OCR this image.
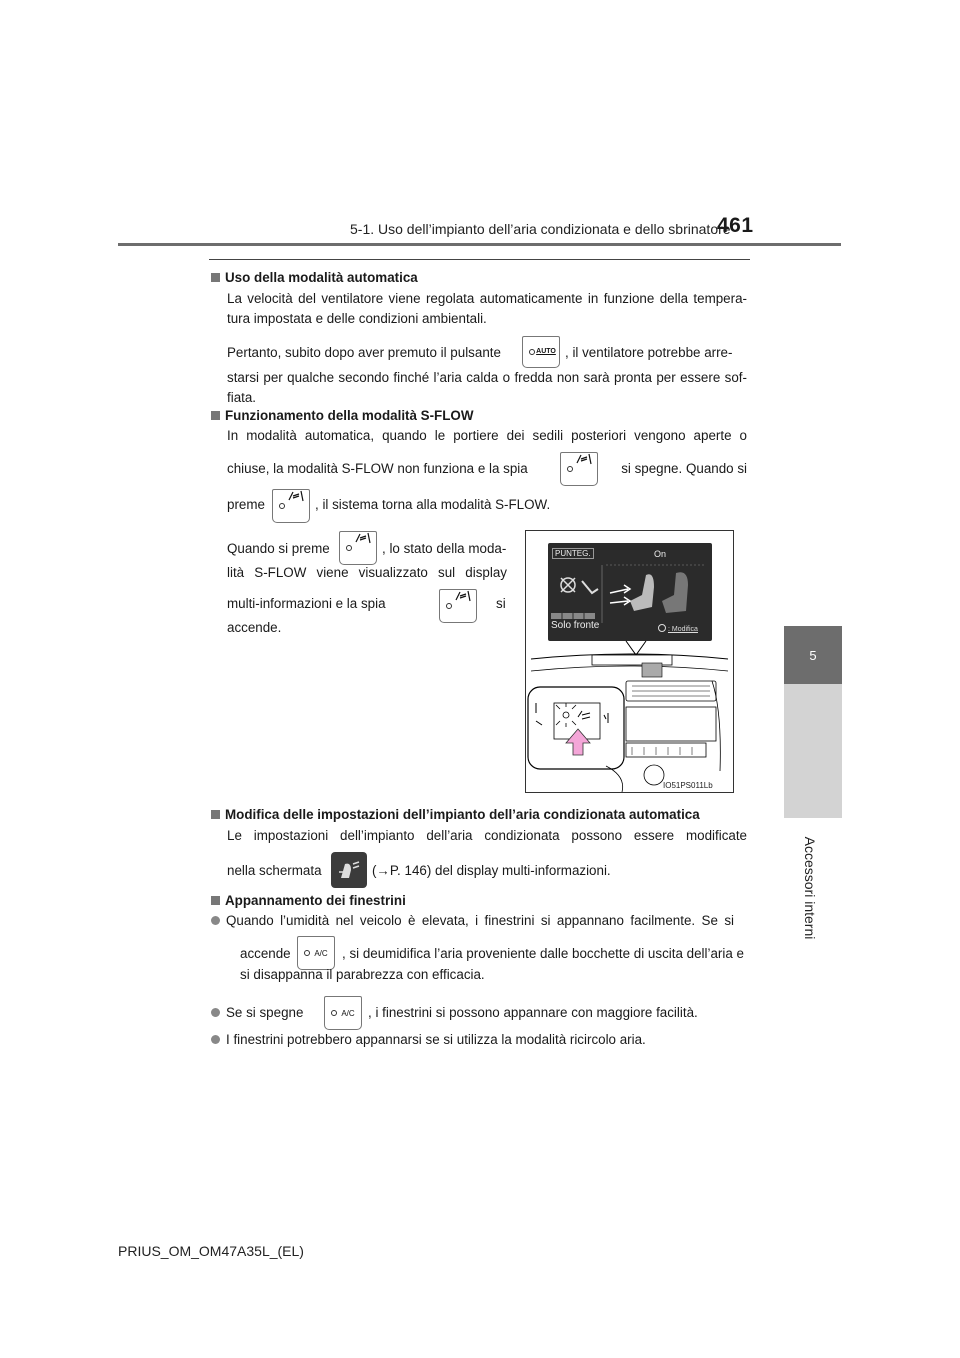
5-1. Uso dell’impianto dell’aria condizionata e dello sbrinatore
461
5
Accessori interni
Uso della modalità automatica
La velocità del ventilatore viene regolata automaticamente in funzione della tempera-tura impostata e delle condizioni ambientali.
Pertanto, subito dopo aver premuto il pulsante	AUTO , il ventilatore potrebbe arre-
starsi per qualche secondo finché l’aria calda o fredda non sarà pronta per essere sof-fiata.
Funzionamento della modalità S-FLOW
In modalità automatica, quando le portiere dei sedili posteriori vengono aperte o
chiuse, la modalità S-FLOW non funziona e la spia	si spegne. Quando si
preme	, il sistema torna alla modalità S-FLOW.
Quando si preme	, lo stato della moda-
lità S-FLOW viene visualizzato sul display
multi-informazioni e la spia	si
accende.
PUNTEG.	On
Solo fronte	: Modifica
IO51PS011Lb
Modifica delle impostazioni dell’impianto dell’aria condizionata automatica
Le impostazioni dell’impianto dell’aria condizionata possono essere modificate
nella schermata	(→P. 146) del display multi-informazioni.
Appannamento dei finestrini
Quando l’umidità nel veicolo è elevata, i finestrini si appannano facilmente. Se si
accende	A/C , si deumidifica l’aria proveniente dalle bocchette di uscita dell’aria e
si disappanna il parabrezza con efficacia.
Se si spegne	A/C , i finestrini si possono appannare con maggiore facilità.
I finestrini potrebbero appannarsi se si utilizza la modalità ricircolo aria.
PRIUS_OM_OM47A35L_(EL)
